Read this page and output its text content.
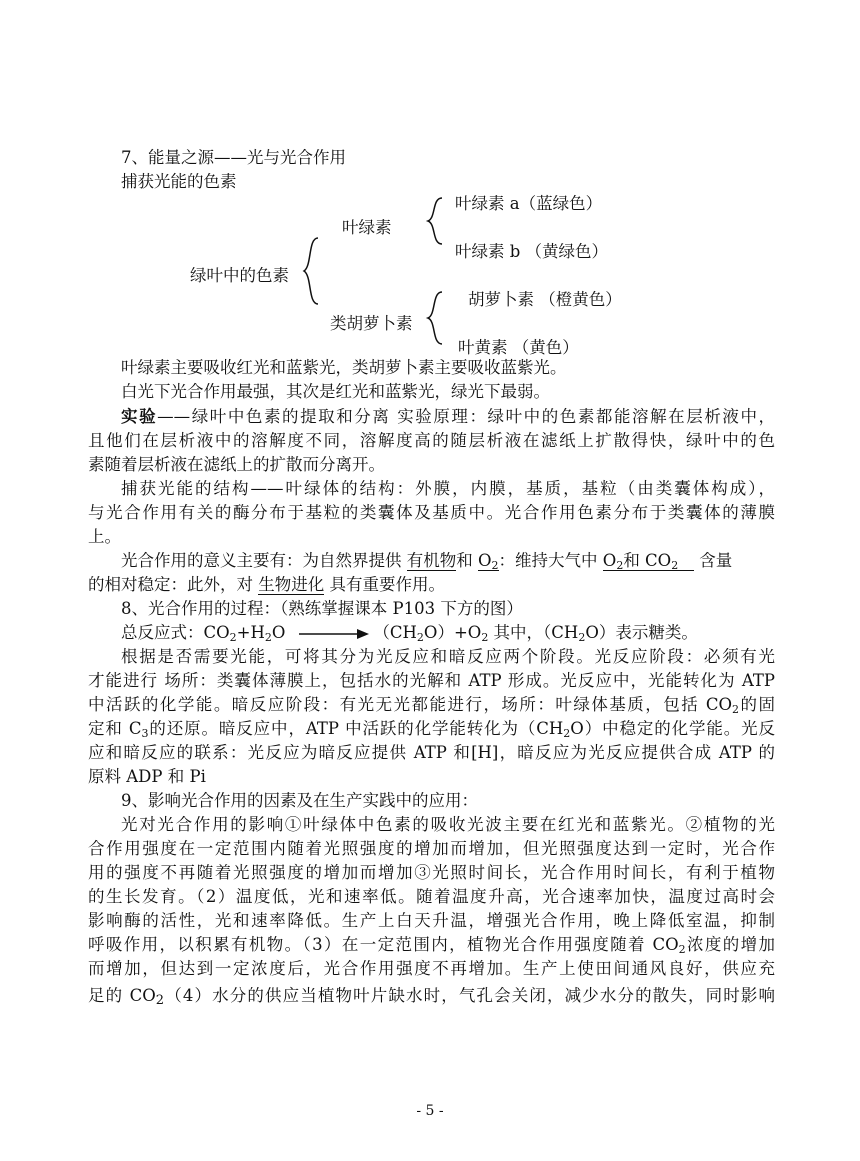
7、能量之源——光与光合作用
捕获光能的色素
叶绿素 a（蓝绿色）
叶绿素
叶绿素 b （黄绿色）
绿叶中的色素
胡萝卜素 （橙黄色）
类胡萝卜素
叶黄素 （黄色）
叶绿素主要吸收红光和蓝紫光，类胡萝卜素主要吸收蓝紫光。
白光下光合作用最强，其次是红光和蓝紫光，绿光下最弱。
实验——绿叶中色素的提取和分离 实验原理：绿叶中的色素都能溶解在层析液中，
且他们在层析液中的溶解度不同，溶解度高的随层析液在滤纸上扩散得快，绿叶中的色
素随着层析液在滤纸上的扩散而分离开。
捕获光能的结构——叶绿体的结构：外膜，内膜，基质，基粒（由类囊体构成），
与光合作用有关的酶分布于基粒的类囊体及基质中。光合作用色素分布于类囊体的薄膜
上。
光合作用的意义主要有：为自然界提供 有机物和 $O_2$：维持大气中 $O_2$和 $CO_2$ 含量
的相对稳定：此外，对 生物进化 具有重要作用。
8、光合作用的过程：（熟练掌握课本 P103 下方的图）
总反应式：$CO_2+H_2O$	$(CH_2O)+O_2$ 其中，$(CH_2O)$表示糖类。
根据是否需要光能，可将其分为光反应和暗反应两个阶段。光反应阶段：必须有光
才能进行 场所：类囊体薄膜上，包括水的光解和 ATP 形成。光反应中，光能转化为 ATP
中活跃的化学能。暗反应阶段：有光无光都能进行，场所：叶绿体基质，包括 $CO_2$的固
定和 $C_3$的还原。暗反应中，ATP 中活跃的化学能转化为$(CH_2O)$中稳定的化学能。光反
应和暗反应的联系：光反应为暗反应提供 ATP 和[H]，暗反应为光反应提供合成 ATP 的
原料 ADP 和 Pi
9、影响光合作用的因素及在生产实践中的应用：
光对光合作用的影响①叶绿体中色素的吸收光波主要在红光和蓝紫光。②植物的光
合作用强度在一定范围内随着光照强度的增加而增加，但光照强度达到一定时，光合作
用的强度不再随着光照强度的增加而增加③光照时间长，光合作用时间长，有利于植物
的生长发育。（2）温度低，光和速率低。随着温度升高，光合速率加快，温度过高时会
影响酶的活性，光和速率降低。生产上白天升温，增强光合作用，晚上降低室温，抑制
呼吸作用，以积累有机物。（3）在一定范围内，植物光合作用强度随着 $CO_2$浓度的增加
而增加，但达到一定浓度后，光合作用强度不再增加。生产上使田间通风良好，供应充
足的 CO2（4）水分的供应当植物叶片缺水时，气孔会关闭，减少水分的散失，同时影响
- 5 -
